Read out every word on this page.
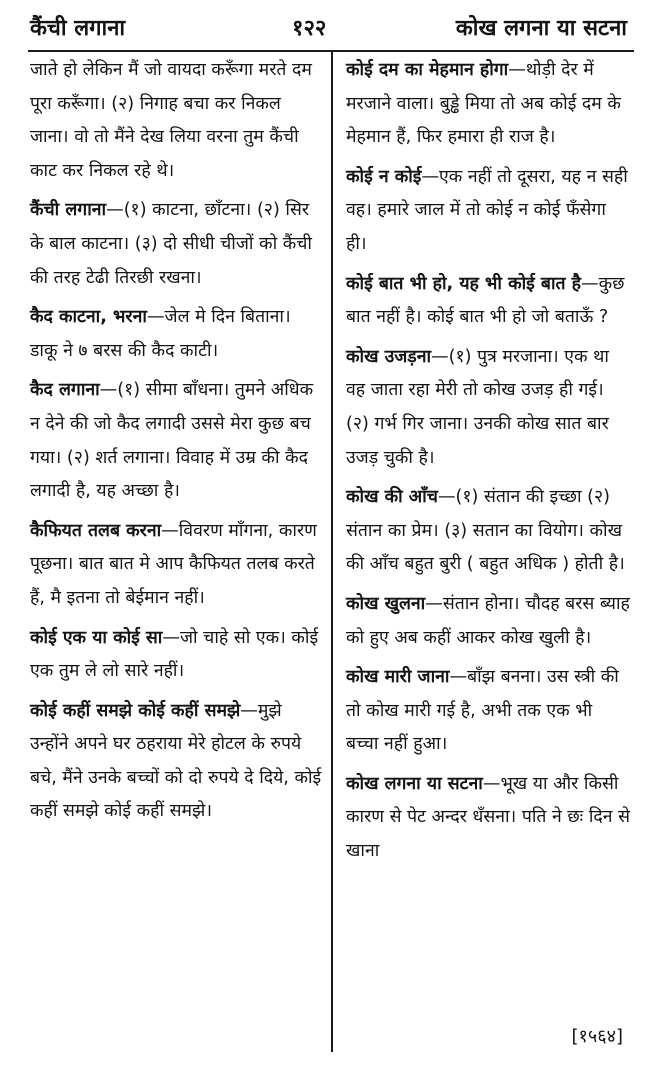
कैंची लगाना	१२२	कोख लगना या सटना
जाते हो लेकिन मैं जो वायदा करूँगा मरते दम पूरा करूँगा। (२) निगाह बचा कर निकल जाना। वो तो मैंने देख लिया वरना तुम कैंची काट कर निकल रहे थे।
कैंची लगाना—(१) काटना, छाँटना। (२) सिर के बाल काटना। (३) दो सीधी चीजों को कैंची की तरह टेढी तिरछी रखना।
कैद काटना, भरना—जेल मे दिन बिताना। डाकू ने ७ बरस की कैद काटी।
कैद लगाना—(१) सीमा बाँधना। तुमने अधिक न देने की जो कैद लगादी उससे मेरा कुछ बच गया। (२) शर्त लगाना। विवाह में उम्र की कैद लगादी है, यह अच्छा है।
कैफियत तलब करना—विवरण माँगना, कारण पूछना। बात बात मे आप कैफियत तलब करते हैं, मै इतना तो बेईमान नहीं।
कोई एक या कोई सा—जो चाहे सो एक। कोई एक तुम ले लो सारे नहीं।
कोई कहीं समझे कोई कहीं समझे—मुझे उन्होंने अपने घर ठहराया मेरे होटल के रुपये बचे, मैंने उनके बच्चों को दो रुपये दे दिये, कोई कहीं समझे कोई कहीं समझे।
कोई दम का मेहमान होगा—थोड़ी देर में मरजाने वाला। बुड्ढे मिया तो अब कोई दम के मेहमान हैं, फिर हमारा ही राज है।
कोई न कोई—एक नहीं तो दूसरा, यह न सही वह। हमारे जाल में तो कोई न कोई फँसेगा ही।
कोई बात भी हो, यह भी कोई बात है—कुछ बात नहीं है। कोई बात भी हो जो बताऊँ ?
कोख उजड़ना—(१) पुत्र मरजाना। एक था वह जाता रहा मेरी तो कोख उजड़ ही गई। (२) गर्भ गिर जाना। उनकी कोख सात बार उजड़ चुकी है।
कोख की आँच—(१) संतान की इच्छा (२) संतान का प्रेम। (३) सतान का वियोग। कोख की आँच बहुत बुरी ( बहुत अधिक ) होती है।
कोख खुलना—संतान होना। चौदह बरस ब्याह को हुए अब कहीं आकर कोख खुली है।
कोख मारी जाना—बाँझ बनना। उस स्त्री की तो कोख मारी गई है, अभी तक एक भी बच्चा नहीं हुआ।
कोख लगना या सटना—भूख या और किसी कारण से पेट अन्दर धँसना। पति ने छः दिन से खाना
[१५६४]
